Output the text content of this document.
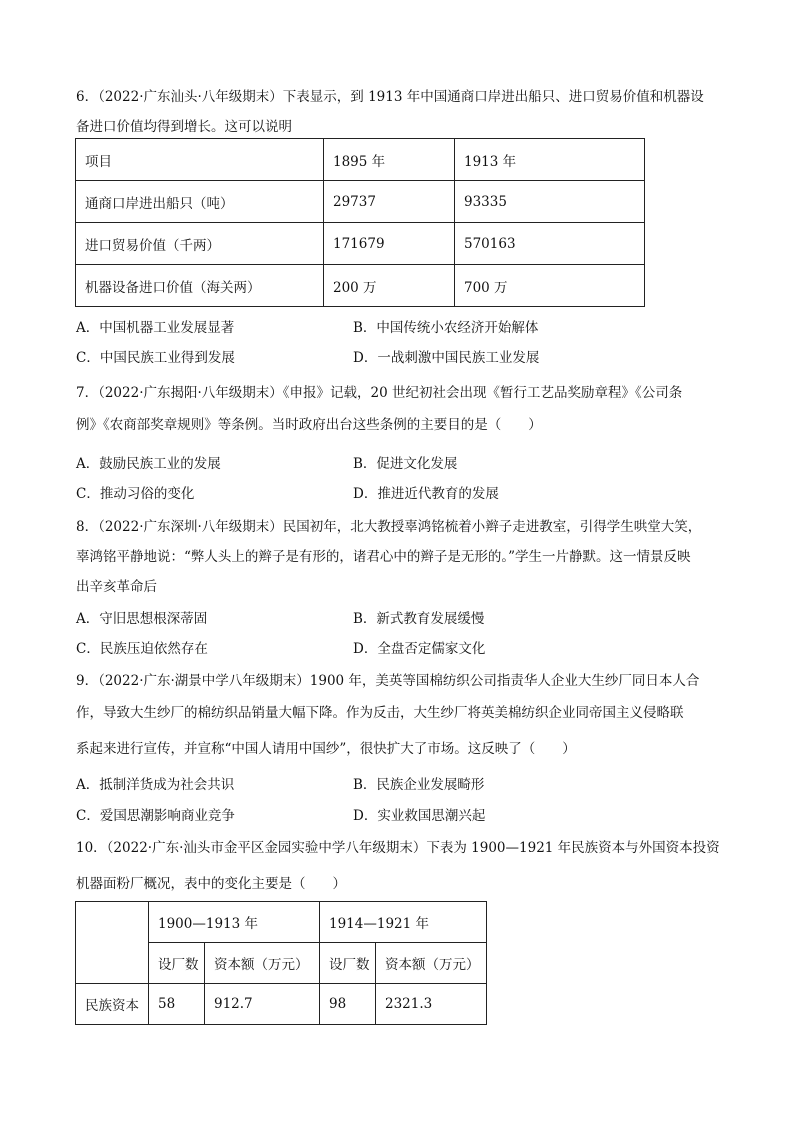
6．（2022·广东汕头·八年级期末）下表显示，到 1913 年中国通商口岸进出船只、进口贸易价值和机器设
备进口价值均得到增长。这可以说明
项目	1895 年	1913 年
通商口岸进出船只（吨）	29737	93335
进口贸易价值（千两）	171679	570163
机器设备进口价值（海关两）	200 万	700 万
A．中国机器工业发展显著	B．中国传统小农经济开始解体
C．中国民族工业得到发展	D．一战刺激中国民族工业发展
7．（2022·广东揭阳·八年级期末）《申报》记载，20 世纪初社会出现《暂行工艺品奖励章程》《公司条
例》《农商部奖章规则》等条例。当时政府出台这些条例的主要目的是（　　）
A．鼓励民族工业的发展	B．促进文化发展
C．推动习俗的变化	D．推进近代教育的发展
8．（2022·广东深圳·八年级期末）民国初年，北大教授辜鸿铭梳着小辫子走进教室，引得学生哄堂大笑，
辜鸿铭平静地说：“弊人头上的辫子是有形的，诸君心中的辫子是无形的。”学生一片静默。这一情景反映
出辛亥革命后
A．守旧思想根深蒂固	B．新式教育发展缓慢
C．民族压迫依然存在	D．全盘否定儒家文化
9．（2022·广东·湖景中学八年级期末）1900 年，美英等国棉纺织公司指责华人企业大生纱厂同日本人合
作，导致大生纱厂的棉纺织品销量大幅下降。作为反击，大生纱厂将英美棉纺织企业同帝国主义侵略联
系起来进行宣传，并宣称“中国人请用中国纱”，很快扩大了市场。这反映了（　　）
A．抵制洋货成为社会共识	B．民族企业发展畸形
C．爱国思潮影响商业竞争	D．实业救国思潮兴起
10．（2022·广东·汕头市金平区金园实验中学八年级期末）下表为 1900—1921 年民族资本与外国资本投资
机器面粉厂概况，表中的变化主要是（　　）
	1900—1913 年		1914—1921 年	
	设厂数	资本额（万元）	设厂数	资本额（万元）
民族资本	58	912.7	98	2321.3
